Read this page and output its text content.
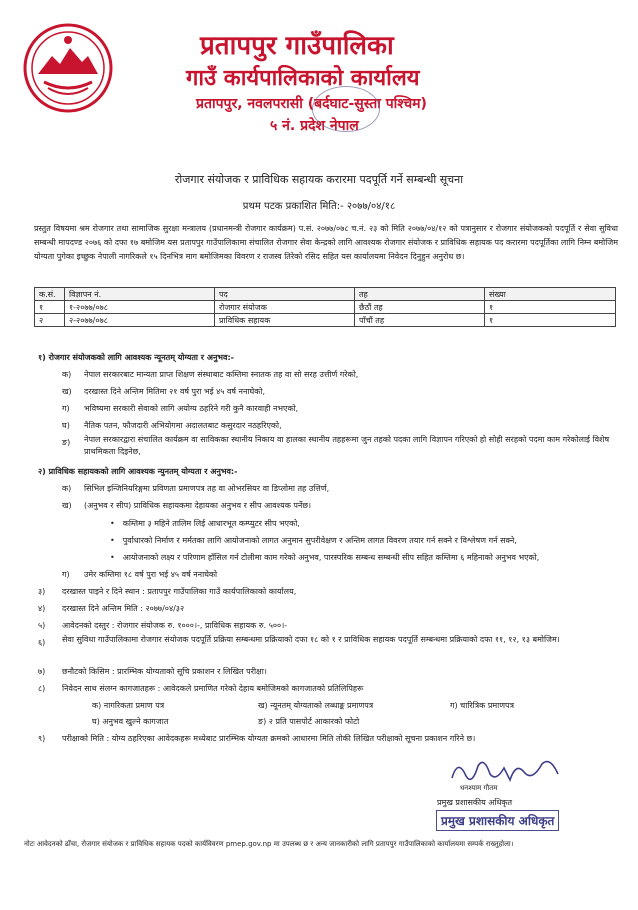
प्रतापपुर गाउँपालिका
गाउँ कार्यपालिकाको कार्यालय
प्रतापपुर, नवलपरासी (बर्दघाट-सुस्ता पश्चिम)
५ नं. प्रदेश नेपाल
रोजगार संयोजक र प्राविधिक सहायक करारमा पदपूर्ति गर्ने सम्बन्धी सूचना
प्रथम पटक प्रकाशित मिति:- २०७७/०४/१८
प्रस्तुत विषयमा श्रम रोजगार तथा सामाजिक सुरक्षा मन्त्रालय (प्रधानमन्त्री रोजगार कार्यक्रम) प.सं. २०७७/०७८ च.नं. २३ को मिति २०७७/०४/१२ को पत्रानुसार र रोजगार संयोजकको पदपूर्ति र सेवा सुविधा सम्बन्धी मापदण्ड २०७६ को दफा १७ बमोजिम यस प्रतापपुर गाउँपालिकामा संचालित रोजगार सेवा केन्द्रको लागि आवश्यक रोजगार संयोजक र प्राविधिक सहायक पद करारमा पदपूर्तिका लागि निम्न बमोजिम योग्यता पुगेका इच्छुक नेपाली नागरिकले १५ दिनभित्र माग बमोजिमका विवरण र राजस्व तिरेको रसिद सहित यस कार्यालयमा निवेदन दिनुहुन अनुरोध छ।
क.सं.	विज्ञापन नं.	पद	तह	संख्या
१	१-२०७७/०७८	रोजगार संयोजक	छैठौं तह	१
२	२-२०७७/०७८	प्राविधिक सहायक	पाँचौं तह	१
१) रोजगार संयोजकको लागि आवश्यक न्यूनतम् योग्यता र अनुभव:-
क) नेपाल सरकारबाट मान्यता प्राप्त शिक्षण संस्थाबाट कम्तिमा स्नातक तह वा सो सरह उत्तीर्ण गरेको,
ख) दरखास्त दिने अन्तिम मितिमा २१ वर्ष पुरा भई ४५ वर्ष ननाघेको,
ग) भविष्यमा सरकारी सेवाको लागि अयोग्य ठहरिने गरी कुनै कारवाही नभएको,
घ) नैतिक पतन, फौजदारी अभियोगमा अदालतबाट कसुरदार नठहरिएको,
ङ) नेपाल सरकारद्वारा संचालित कार्यक्रम वा साविकका स्थानीय निकाय वा हालका स्थानीय तहहरूमा जुन तहको पदका लागि विज्ञापन गरिएको हो सोही सरहको पदमा काम गरेकोलाई विशेष प्राथमिकता दिइनेछ,
२) प्राविधिक सहायकको लागि आवश्यक न्युनतम् योग्यता र अनुभव:-
क) सिभिल इन्जिनियरिङ्गमा प्रविणता प्रमाणपत्र तह वा ओभरसियर वा डिप्लोमा तह उत्तिर्ण,
ख) (अनुभव र सीप) प्राविधिक सहायकमा देहायका अनुभव र सीप आवश्यक पर्नेछ।
• कम्तिमा ३ महिने तालिम लिई आधारभूत कम्प्युटर सीप भएको,
• पुर्वाधारको निर्माण र मर्मतका लागि आयोजनाको लागत अनुमान सुपरीवेक्षण र अन्तिम लागत विवरण तयार गर्न सक्ने र विश्लेषण गर्न सक्ने,
• आयोजनाको लक्ष्य र परिणाम हाँसिल गर्न टोलीमा काम गरेको अनुभव, पारस्परिक सम्बन्ध सम्बन्धी सीप सहित कम्तिमा ६ महिनाको अनुभव भएको,
ग) उमेर कम्तिमा १८ वर्ष पुरा भई ४५ वर्ष ननाघेको
३) दरखास्त पाइने र दिने स्थान : प्रतापपुर गाउँपालिका गाउँ कार्यपालिकाको कार्यालय,
४) दरखास्त दिने अन्तिम मिति : २०७७/०४/३२
५) आवेदनको दस्तुर : रोजगार संयोजक रु. १०००।-, प्राविधिक सहायक रु. ५००।-
६) सेवा सुविधा गाउँपालिकामा रोजगार संयोजक पदपूर्ति प्रक्रिया सम्बन्धमा प्रक्रियाको दफा १८ को १ र प्राविधिक सहायक पदपूर्ति सम्बन्धमा प्रक्रियाको दफा ११, १२, १३ बमोजिम।
७) छनौटको किसिम : प्रारम्भिक योग्यताको सूचि प्रकाशन र लिखित परीक्षा।
८) निवेदन साथ संलग्न कागजातहरू : आवेदकले प्रमाणित गरेको देहाय बमोजिमको कागजातको प्रतिलिपिहरू
क) नागरिकता प्रमाण पत्र	ख) न्यूनतम् योग्यताको लब्धाङ्क प्रमाणपत्र	ग) चारित्रिक प्रमाणपत्र
घ) अनुभव खुल्ने कागजात	ङ) २ प्रति पासपोर्ट आकारको फोटो
९) परीक्षाको मिति : योग्य ठहरिएका आवेदकहरू मध्येबाट प्रारम्भिक योग्यता क्रमको आधारमा मिति तोकी लिखित परीक्षाको सूचना प्रकाशन गरिने छ।
धनश्याम गौतम
प्रमुख प्रशासकीय अधिकृत
प्रमुख प्रशासकीय अधिकृत
नोटः आवेदनको ढाँचा, रोजगार संयोजक र प्राविधिक सहायक पदको कार्यविवरण pmep.gov.np मा उपलब्ध छ र अन्य जानकारीको लागि प्रतापपुर गाउँपालिकाको कार्यालयमा सम्पर्क राख्नुहोला।
